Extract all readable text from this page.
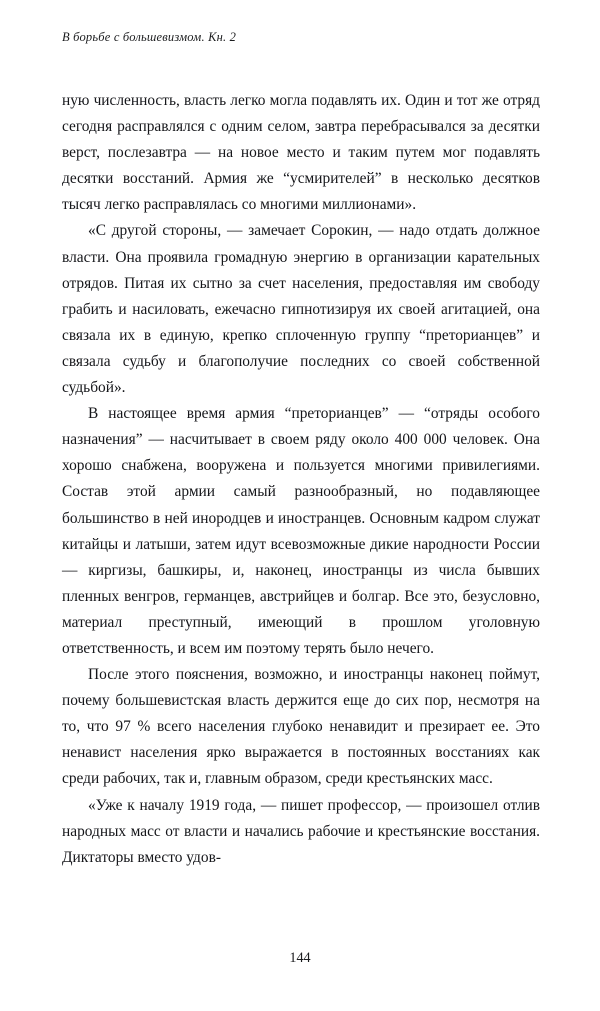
В борьбе с большевизмом. Кн. 2

ную численность, власть легко могла подавлять их. Один и тот же отряд сегодня расправлялся с одним селом, завтра перебрасывался за десятки верст, послезавтра — на новое место и таким путем мог подавлять десятки восстаний. Армия же “усмирителей” в несколько десятков тысяч легко расправлялась со многими миллионами».

«С другой стороны, — замечает Сорокин, — надо отдать должное власти. Она проявила громадную энергию в организации карательных отрядов. Питая их сытно за счет населения, предоставляя им свободу грабить и насиловать, ежечасно гипнотизируя их своей агитацией, она связала их в единую, крепко сплоченную группу “преторианцев” и связала судьбу и благополучие последних со своей собственной судьбой».

В настоящее время армия “преторианцев” — “отряды особого назначения” — насчитывает в своем ряду около 400 000 человек. Она хорошо снабжена, вооружена и пользуется многими привилегиями. Состав этой армии самый разнообразный, но подавляющее большинство в ней инородцев и иностранцев. Основным кадром служат китайцы и латыши, затем идут всевозможные дикие народности России — киргизы, башкиры, и, наконец, иностранцы из числа бывших пленных венгров, германцев, австрийцев и болгар. Все это, безусловно, материал преступный, имеющий в прошлом уголовную ответственность, и всем им поэтому терять было нечего.

После этого пояснения, возможно, и иностранцы наконец поймут, почему большевистская власть держится еще до сих пор, несмотря на то, что 97 % всего населения глубоко ненавидит и презирает ее. Это ненавист населения ярко выражается в постоянных восстаниях как среди рабочих, так и, главным образом, среди крестьянских масс.

«Уже к началу 1919 года, — пишет профессор, — произошел отлив народных масс от власти и начались рабочие и крестьянские восстания. Диктаторы вместо удов-

144
